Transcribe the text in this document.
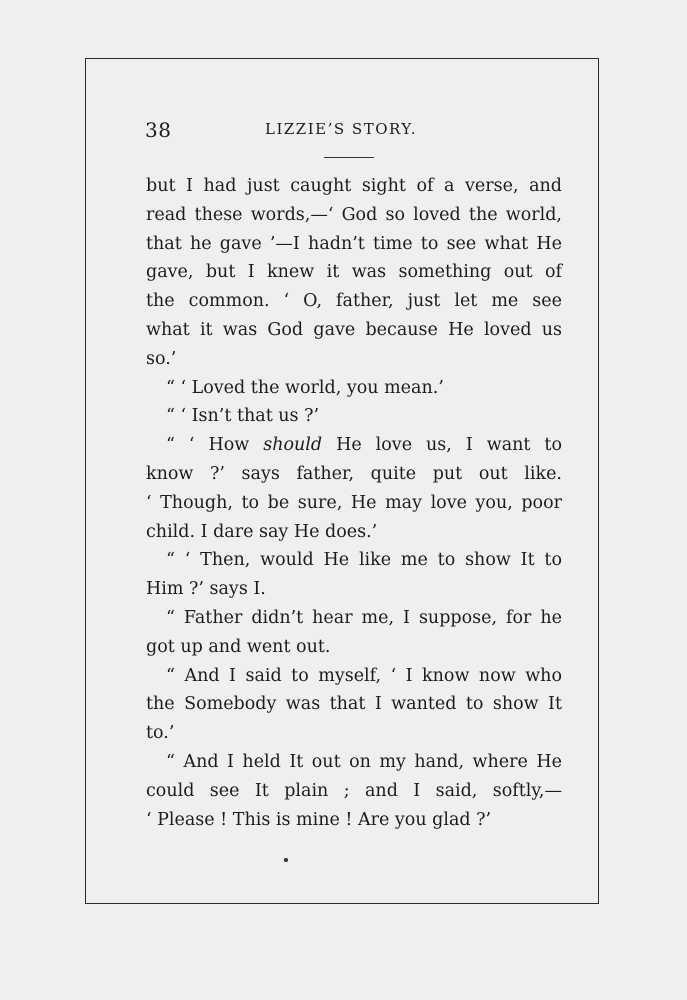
38	LIZZIE’S STORY.
but I had just caught sight of a verse, and
read these words,—‘ God so loved the world,
that he gave ’—I hadn’t time to see what He
gave, but I knew it was something out of
the common. ‘ O, father, just let me see
what it was God gave because He loved us
so.’
“ ‘ Loved the world, you mean.’
“ ‘ Isn’t that us ?’
“ ‘ How should He love us, I want to
know ?’ says father, quite put out like.
‘ Though, to be sure, He may love you, poor
child. I dare say He does.’
“ ‘ Then, would He like me to show It to
Him ?’ says I.
“ Father didn’t hear me, I suppose, for he
got up and went out.
“ And I said to myself, ‘ I know now who
the Somebody was that I wanted to show It
to.’
“ And I held It out on my hand, where He
could see It plain ; and I said, softly,—
‘ Please ! This is mine ! Are you glad ?’
